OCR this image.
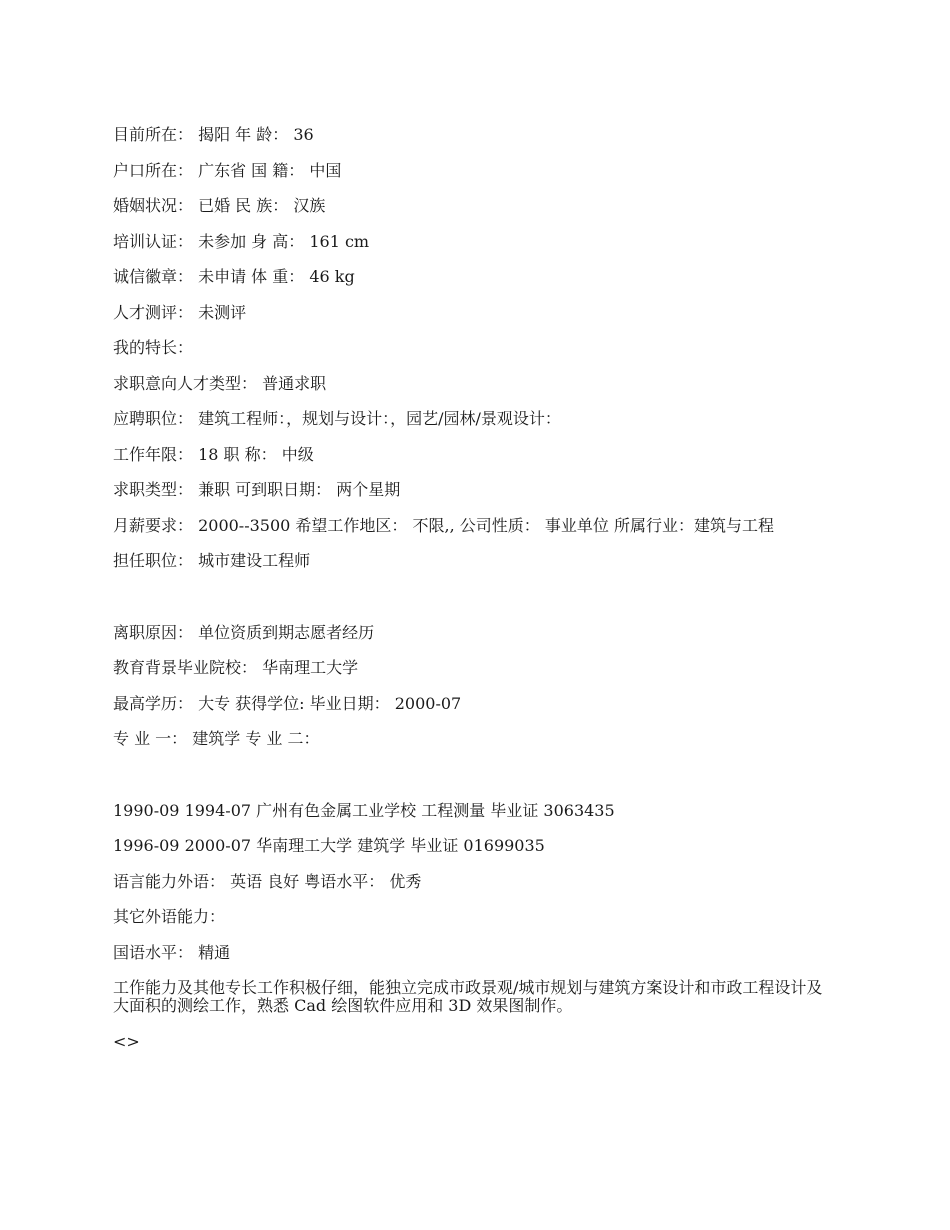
目前所在： 揭阳 年 龄： 36

户口所在： 广东省 国 籍： 中国

婚姻状况： 已婚 民 族： 汉族

培训认证： 未参加 身 高： 161 cm

诚信徽章： 未申请 体 重： 46 kg

人才测评： 未测评

我的特长：

求职意向人才类型： 普通求职

应聘职位： 建筑工程师：，规划与设计：，园艺/园林/景观设计：

工作年限： 18 职 称： 中级

求职类型： 兼职 可到职日期： 两个星期

月薪要求： 2000--3500 希望工作地区： 不限,, 公司性质： 事业单位 所属行业：建筑与工程

担任职位： 城市建设工程师

离职原因： 单位资质到期志愿者经历

教育背景毕业院校： 华南理工大学

最高学历： 大专 获得学位: 毕业日期： 2000-07

专 业 一： 建筑学 专 业 二：

1990-09 1994-07 广州有色金属工业学校 工程测量 毕业证 3063435

1996-09 2000-07 华南理工大学 建筑学 毕业证 01699035

语言能力外语： 英语 良好 粤语水平： 优秀

其它外语能力：

国语水平： 精通

工作能力及其他专长工作积极仔细，能独立完成市政景观/城市规划与建筑方案设计和市政工程设计及大面积的测绘工作，熟悉 Cad 绘图软件应用和 3D 效果图制作。

<>
